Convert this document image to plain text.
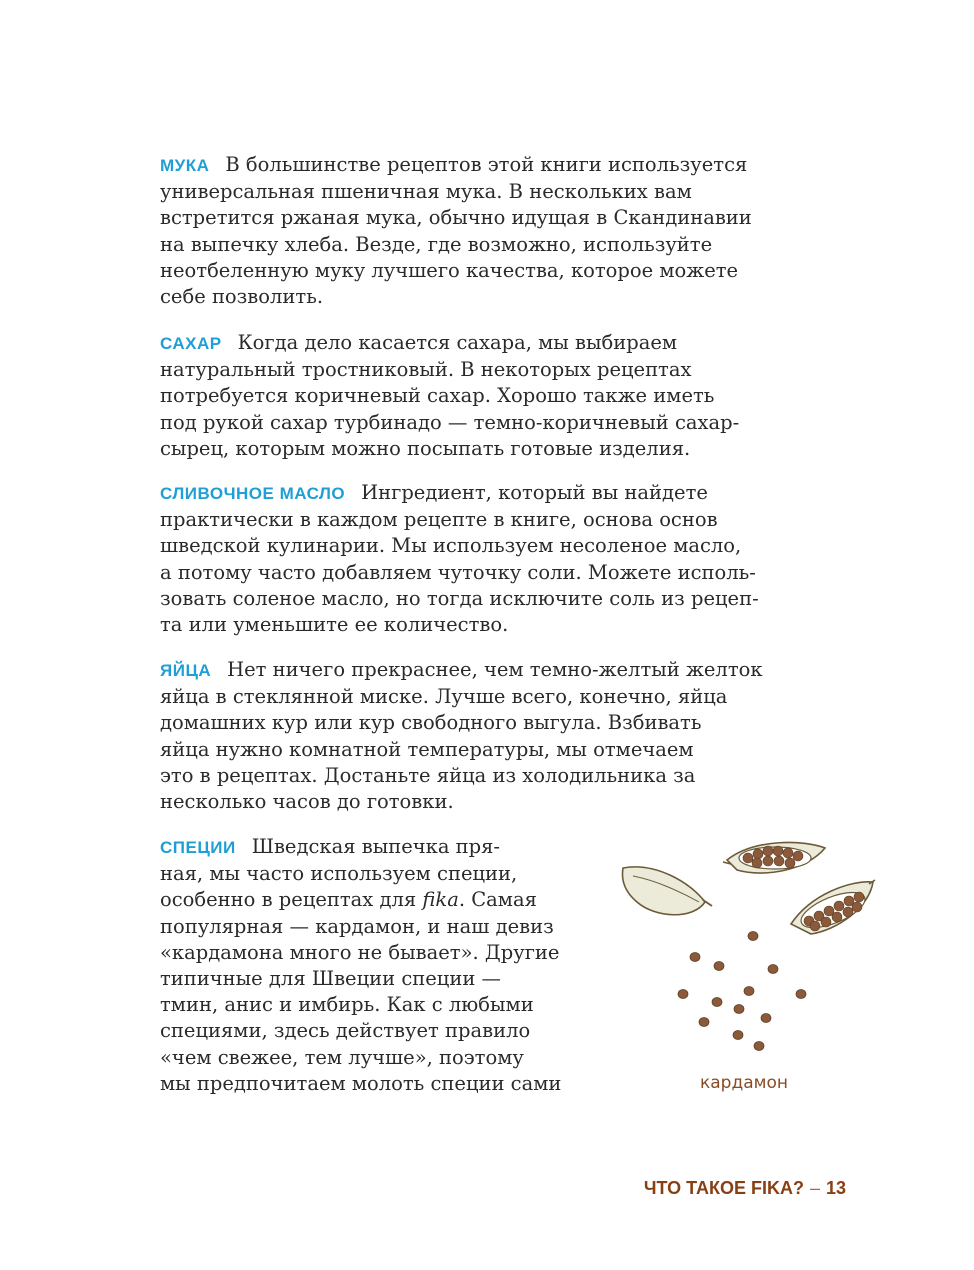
МУКА В большинстве рецептов этой книги используется
универсальная пшеничная мука. В нескольких вам
встретится ржаная мука, обычно идущая в Скандинавии
на выпечку хлеба. Везде, где возможно, используйте
неотбеленную муку лучшего качества, которое можете
себе позволить.
САХАР Когда дело касается сахара, мы выбираем
натуральный тростниковый. В некоторых рецептах
потребуется коричневый сахар. Хорошо также иметь
под рукой сахар турбинадо — темно-коричневый сахар-
сырец, которым можно посыпать готовые изделия.
СЛИВОЧНОЕ МАСЛО Ингредиент, который вы найдете
практически в каждом рецепте в книге, основа основ
шведской кулинарии. Мы используем несоленое масло,
а потому часто добавляем чуточку соли. Можете исполь-
зовать соленое масло, но тогда исключите соль из рецеп-
та или уменьшите ее количество.
ЯЙЦА Нет ничего прекраснее, чем темно-желтый желток
яйца в стеклянной миске. Лучше всего, конечно, яйца
домашних кур или кур свободного выгула. Взбивать
яйца нужно комнатной температуры, мы отмечаем
это в рецептах. Достаньте яйца из холодильника за
несколько часов до готовки.
СПЕЦИИ Шведская выпечка пря-
ная, мы часто используем специи,
особенно в рецептах для fika. Самая
популярная — кардамон, и наш девиз
«кардамона много не бывает». Другие
типичные для Швеции специи —
тмин, анис и имбирь. Как с любыми
специями, здесь действует правило
«чем свежее, тем лучше», поэтому
мы предпочитаем молоть специи сами	кардамон
ЧТО ТАКОЕ FIKA? – 13
